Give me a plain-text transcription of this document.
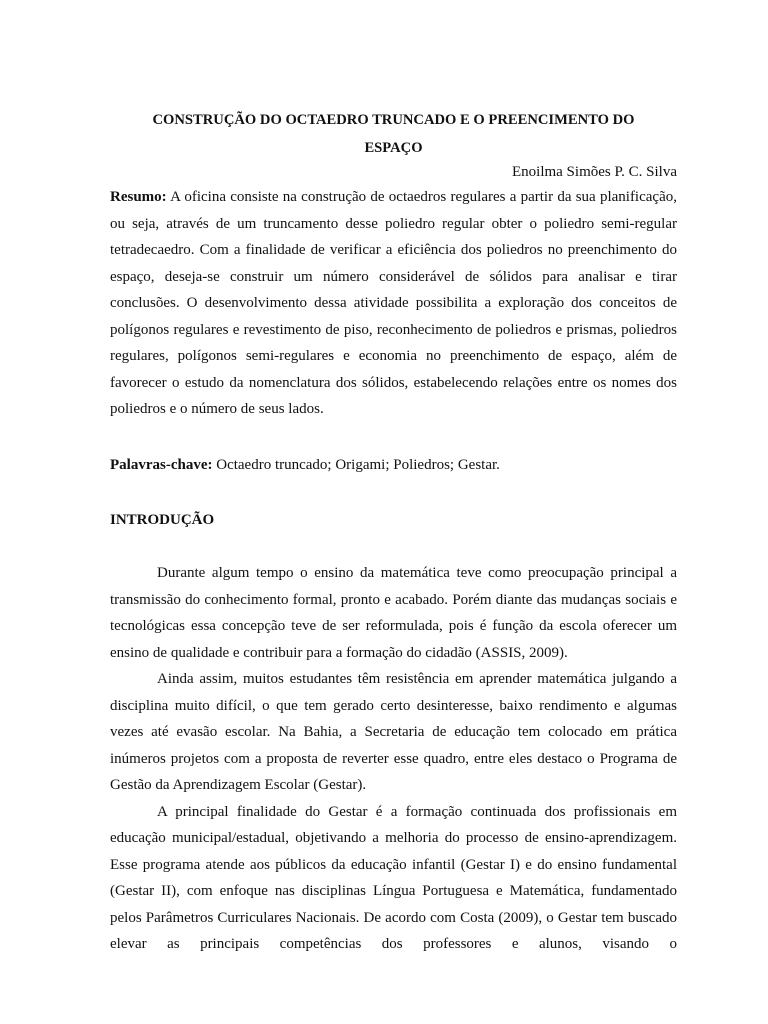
CONSTRUÇÃO DO OCTAEDRO TRUNCADO E O PREENCIMENTO DO
ESPAÇO
Enoilma Simões P. C. Silva

Resumo: A oficina consiste na construção de octaedros regulares a partir da sua planificação, ou seja, através de um truncamento desse poliedro regular obter o poliedro semi-regular tetradecaedro. Com a finalidade de verificar a eficiência dos poliedros no preenchimento do espaço, deseja-se construir um número considerável de sólidos para analisar e tirar conclusões. O desenvolvimento dessa atividade possibilita a exploração dos conceitos de polígonos regulares e revestimento de piso, reconhecimento de poliedros e prismas, poliedros regulares, polígonos semi-regulares e economia no preenchimento de espaço, além de favorecer o estudo da nomenclatura dos sólidos, estabelecendo relações entre os nomes dos poliedros e o número de seus lados.

Palavras-chave: Octaedro truncado; Origami; Poliedros; Gestar.
INTRODUÇÃO

Durante algum tempo o ensino da matemática teve como preocupação principal a transmissão do conhecimento formal, pronto e acabado. Porém diante das mudanças sociais e tecnológicas essa concepção teve de ser reformulada, pois é função da escola oferecer um ensino de qualidade e contribuir para a formação do cidadão (ASSIS, 2009).

Ainda assim, muitos estudantes têm resistência em aprender matemática julgando a disciplina muito difícil, o que tem gerado certo desinteresse, baixo rendimento e algumas vezes até evasão escolar. Na Bahia, a Secretaria de educação tem colocado em prática inúmeros projetos com a proposta de reverter esse quadro, entre eles destaco o Programa de Gestão da Aprendizagem Escolar (Gestar).

A principal finalidade do Gestar é a formação continuada dos profissionais em educação municipal/estadual, objetivando a melhoria do processo de ensino-aprendizagem. Esse programa atende aos públicos da educação infantil (Gestar I) e do ensino fundamental (Gestar II), com enfoque nas disciplinas Língua Portuguesa e Matemática, fundamentado pelos Parâmetros Curriculares Nacionais. De acordo com Costa (2009), o Gestar tem buscado elevar as principais competências dos professores e alunos, visando o
